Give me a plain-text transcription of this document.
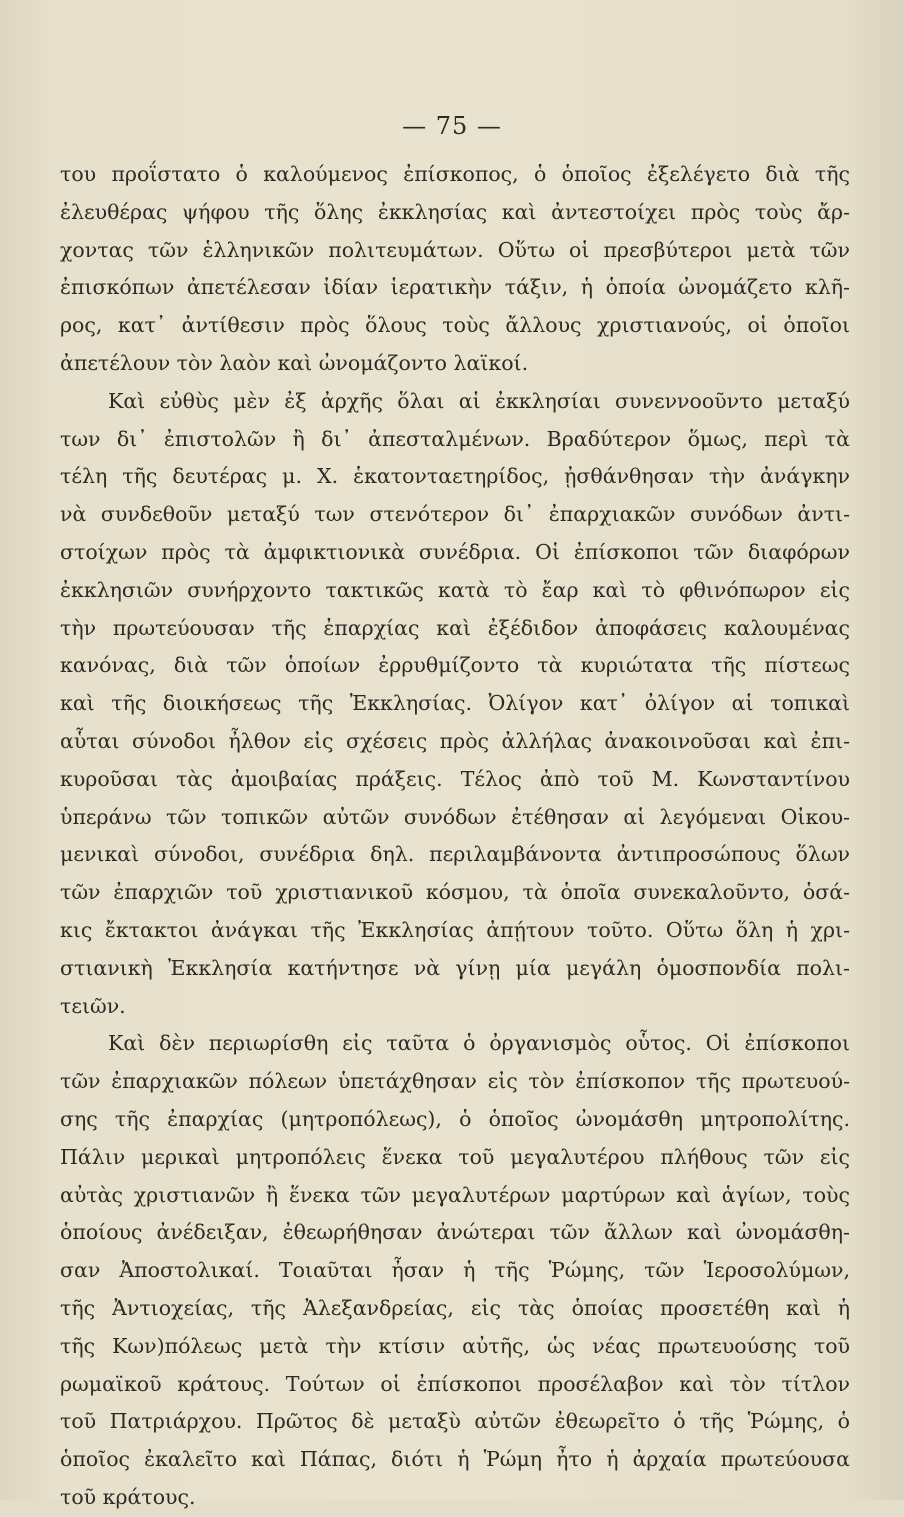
— 75 —
του προΐστατο ὁ καλούμενος ἐπίσκοπος, ὁ ὁποῖος ἐξελέγετο διὰ τῆς
ἐλευθέρας ψήφου τῆς ὅλης ἐκκλησίας καὶ ἀντεστοίχει πρὸς τοὺς ἄρ-
χοντας τῶν ἑλληνικῶν πολιτευμάτων. Οὕτω οἱ πρεσβύτεροι μετὰ τῶν
ἐπισκόπων ἀπετέλεσαν ἰδίαν ἱερατικὴν τάξιν, ἡ ὁποία ὠνομάζετο κλῆ-
ρος, κατ᾿ ἀντίθεσιν πρὸς ὅλους τοὺς ἄλλους χριστιανούς, οἱ ὁποῖοι
ἀπετέλουν τὸν λαὸν καὶ ὠνομάζοντο λαϊκοί.
Καὶ εὐθὺς μὲν ἐξ ἀρχῆς ὅλαι αἱ ἐκκλησίαι συνεννοοῦντο μεταξύ
των δι᾿ ἐπιστολῶν ἢ δι᾿ ἀπεσταλμένων. Βραδύτερον ὅμως, περὶ τὰ
τέλη τῆς δευτέρας μ. Χ. ἑκατονταετηρίδος, ᾐσθάνθησαν τὴν ἀνάγκην
νὰ συνδεθοῦν μεταξύ των στενότερον δι᾿ ἐπαρχιακῶν συνόδων ἀντι-
στοίχων πρὸς τὰ ἀμφικτιονικὰ συνέδρια. Οἱ ἐπίσκοποι τῶν διαφόρων
ἐκκλησιῶν συνήρχοντο τακτικῶς κατὰ τὸ ἔαρ καὶ τὸ φθινόπωρον εἰς
τὴν πρωτεύουσαν τῆς ἐπαρχίας καὶ ἐξέδιδον ἀποφάσεις καλουμένας
κανόνας, διὰ τῶν ὁποίων ἐρρυθμίζοντο τὰ κυριώτατα τῆς πίστεως
καὶ τῆς διοικήσεως τῆς Ἐκκλησίας. Ὀλίγον κατ᾿ ὀλίγον αἱ τοπικαὶ
αὗται σύνοδοι ἦλθον εἰς σχέσεις πρὸς ἀλλήλας ἀνακοινοῦσαι καὶ ἐπι-
κυροῦσαι τὰς ἀμοιβαίας πράξεις. Τέλος ἀπὸ τοῦ Μ. Κωνσταντίνου
ὑπεράνω τῶν τοπικῶν αὐτῶν συνόδων ἐτέθησαν αἱ λεγόμεναι Οἰκου-
μενικαὶ σύνοδοι, συνέδρια δηλ. περιλαμβάνοντα ἀντιπροσώπους ὅλων
τῶν ἐπαρχιῶν τοῦ χριστιανικοῦ κόσμου, τὰ ὁποῖα συνεκαλοῦντο, ὁσά-
κις ἔκτακτοι ἀνάγκαι τῆς Ἐκκλησίας ἀπῄτουν τοῦτο. Οὕτω ὅλη ἡ χρι-
στιανικὴ Ἐκκλησία κατήντησε νὰ γίνῃ μία μεγάλη ὁμοσπονδία πολι-
τειῶν.
Καὶ δὲν περιωρίσθη εἰς ταῦτα ὁ ὀργανισμὸς οὗτος. Οἱ ἐπίσκοποι
τῶν ἐπαρχιακῶν πόλεων ὑπετάχθησαν εἰς τὸν ἐπίσκοπον τῆς πρωτευού-
σης τῆς ἐπαρχίας (μητροπόλεως), ὁ ὁποῖος ὠνομάσθη μητροπολίτης.
Πάλιν μερικαὶ μητροπόλεις ἕνεκα τοῦ μεγαλυτέρου πλήθους τῶν εἰς
αὐτὰς χριστιανῶν ἢ ἕνεκα τῶν μεγαλυτέρων μαρτύρων καὶ ἁγίων, τοὺς
ὁποίους ἀνέδειξαν, ἐθεωρήθησαν ἀνώτεραι τῶν ἄλλων καὶ ὠνομάσθη-
σαν Ἀποστολικαί. Τοιαῦται ἦσαν ἡ τῆς Ῥώμης, τῶν Ἱεροσολύμων,
τῆς Ἀντιοχείας, τῆς Ἀλεξανδρείας, εἰς τὰς ὁποίας προσετέθη καὶ ἡ
τῆς Κων)πόλεως μετὰ τὴν κτίσιν αὐτῆς, ὡς νέας πρωτευούσης τοῦ
ρωμαϊκοῦ κράτους. Τούτων οἱ ἐπίσκοποι προσέλαβον καὶ τὸν τίτλον
τοῦ Πατριάρχου. Πρῶτος δὲ μεταξὺ αὐτῶν ἐθεωρεῖτο ὁ τῆς Ῥώμης, ὁ
ὁποῖος ἐκαλεῖτο καὶ Πάπας, διότι ἡ Ῥώμη ἦτο ἡ ἀρχαία πρωτεύουσα
τοῦ κράτους.
